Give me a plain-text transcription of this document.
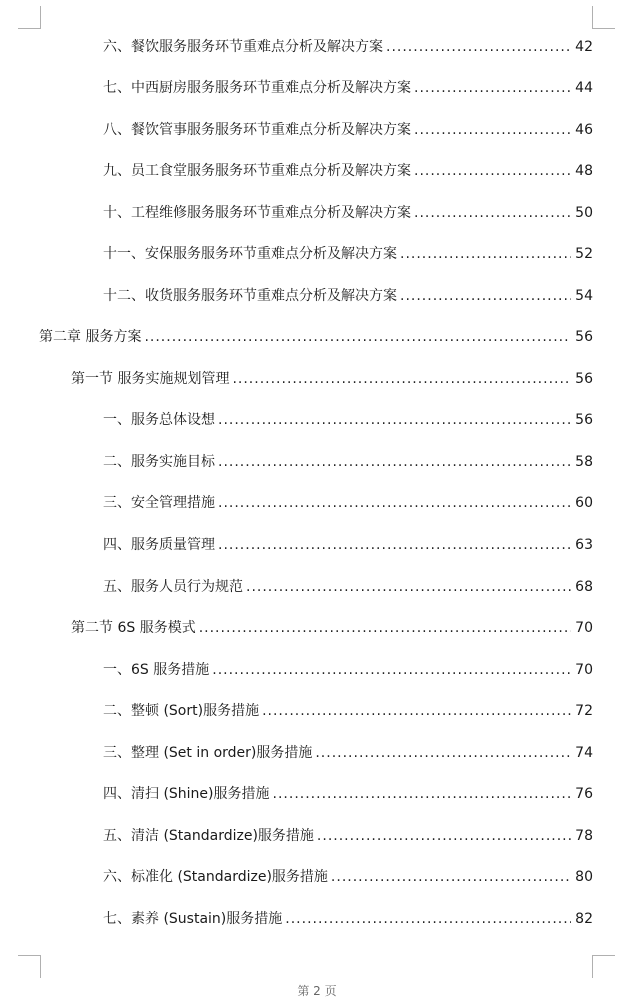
六、 餐饮服务服务环节重难点分析及解决方案 .....	42
七、 中西厨房服务服务环节重难点分析及解决方案 .....	44
八、 餐饮管事服务服务环节重难点分析及解决方案 .....	46
九、 员工食堂服务服务环节重难点分析及解决方案 .....	48
十、 工程维修服务服务环节重难点分析及解决方案 .....	50
十一、 安保服务服务环节重难点分析及解决方案 .....	52
十二、 收货服务服务环节重难点分析及解决方案 .....	54
第二章 服务方案 .....	56
第一节 服务实施规划管理 .....	56
一、 服务总体设想 .....	56
二、 服务实施目标 .....	58
三、 安全管理措施 .....	60
四、 服务质量管理 .....	63
五、 服务人员行为规范 .....	68
第二节 6S 服务模式 .....	70
一、 6S 服务措施 .....	70
二、 整顿 (Sort)服务措施 .....	72
三、 整理 (Set in order)服务措施 .....	74
四、 清扫 (Shine)服务措施 .....	76
五、 清洁 (Standardize)服务措施 .....	78
六、 标准化 (Standardize)服务措施 .....	80
七、 素养 (Sustain)服务措施 .....	82
第 2 页
